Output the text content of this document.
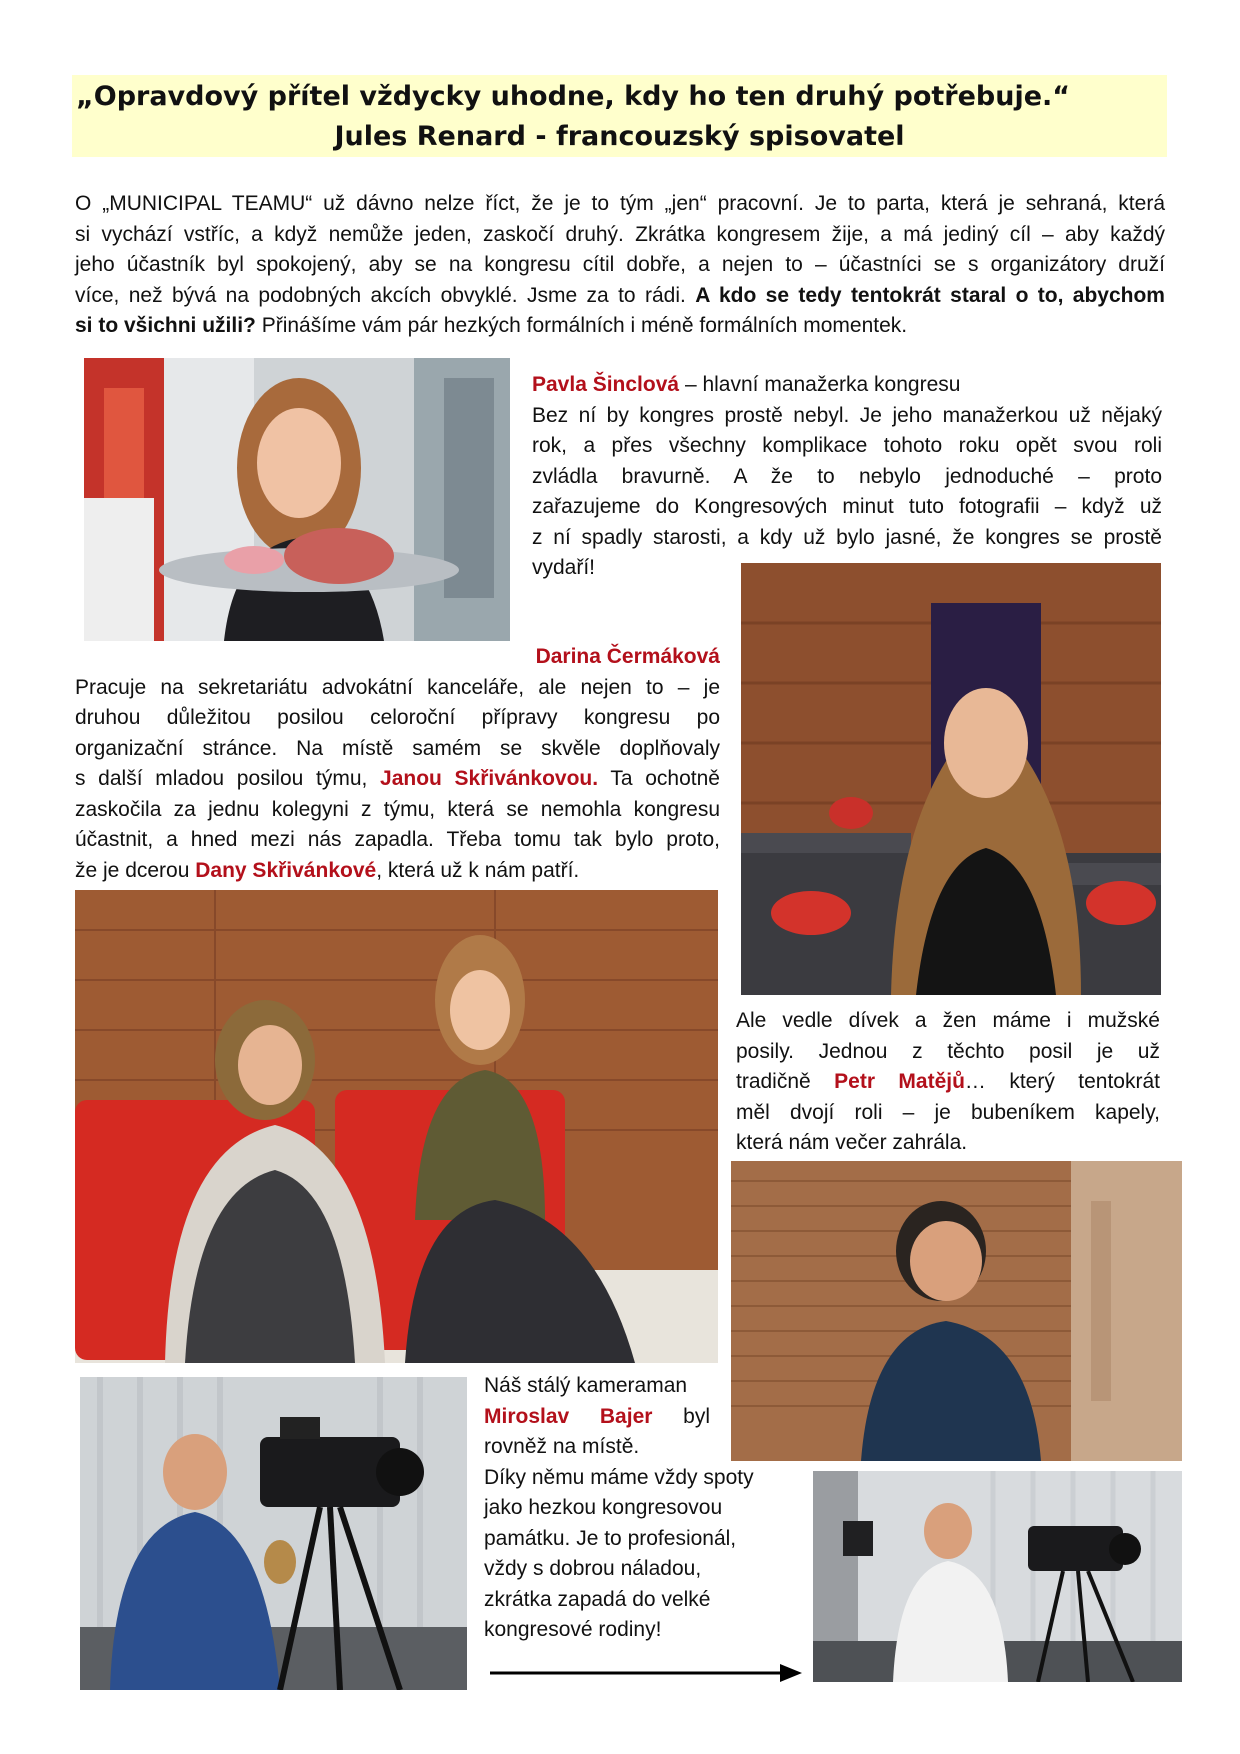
„Opravdový přítel vždycky uhodne, kdy ho ten druhý potřebuje.“
Jules Renard - francouzský spisovatel

O „MUNICIPAL TEAMU“ už dávno nelze říct, že je to tým „jen“ pracovní. Je to parta, která je sehraná, která

si vychází vstříc, a když nemůže jeden, zaskočí druhý. Zkrátka kongresem žije, a má jediný cíl – aby každý

jeho účastník byl spokojený, aby se na kongresu cítil dobře, a nejen to – účastníci se s organizátory druží

více, než bývá na podobných akcích obvyklé. Jsme za to rádi. A kdo se tedy tentokrát staral o to, abychom

si to všichni užili? Přinášíme vám pár hezkých formálních i méně formálních momentek.

Pavla Šinclová – hlavní manažerka kongresu

Bez ní by kongres prostě nebyl. Je jeho manažerkou už nějaký

rok, a přes všechny komplikace tohoto roku opět svou roli

zvládla bravurně. A že to nebylo jednoduché – proto

zařazujeme do Kongresových minut tuto fotografii – když už

z ní spadly starosti, a kdy už bylo jasné, že kongres se prostě

vydaří!

Darina Čermáková

Pracuje na sekretariátu advokátní kanceláře, ale nejen to – je

druhou důležitou posilou celoroční přípravy kongresu po

organizační stránce. Na místě samém se skvěle doplňovaly

s další mladou posilou týmu, Janou Skřivánkovou. Ta ochotně

zaskočila za jednu kolegyni z týmu, která se nemohla kongresu

účastnit, a hned mezi nás zapadla. Třeba tomu tak bylo proto,

že je dcerou Dany Skřivánkové, která už k nám patří.

Ale vedle dívek a žen máme i mužské

posily. Jednou z těchto posil je už

tradičně Petr Matějů… který tentokrát

měl dvojí roli – je bubeníkem kapely,

která nám večer zahrála.

Náš stálý kameraman

Miroslav Bajer byl

rovněž na místě.

Díky němu máme vždy spoty

jako hezkou kongresovou

památku. Je to profesionál,

vždy s dobrou náladou,

zkrátka zapadá do velké

kongresové rodiny!
